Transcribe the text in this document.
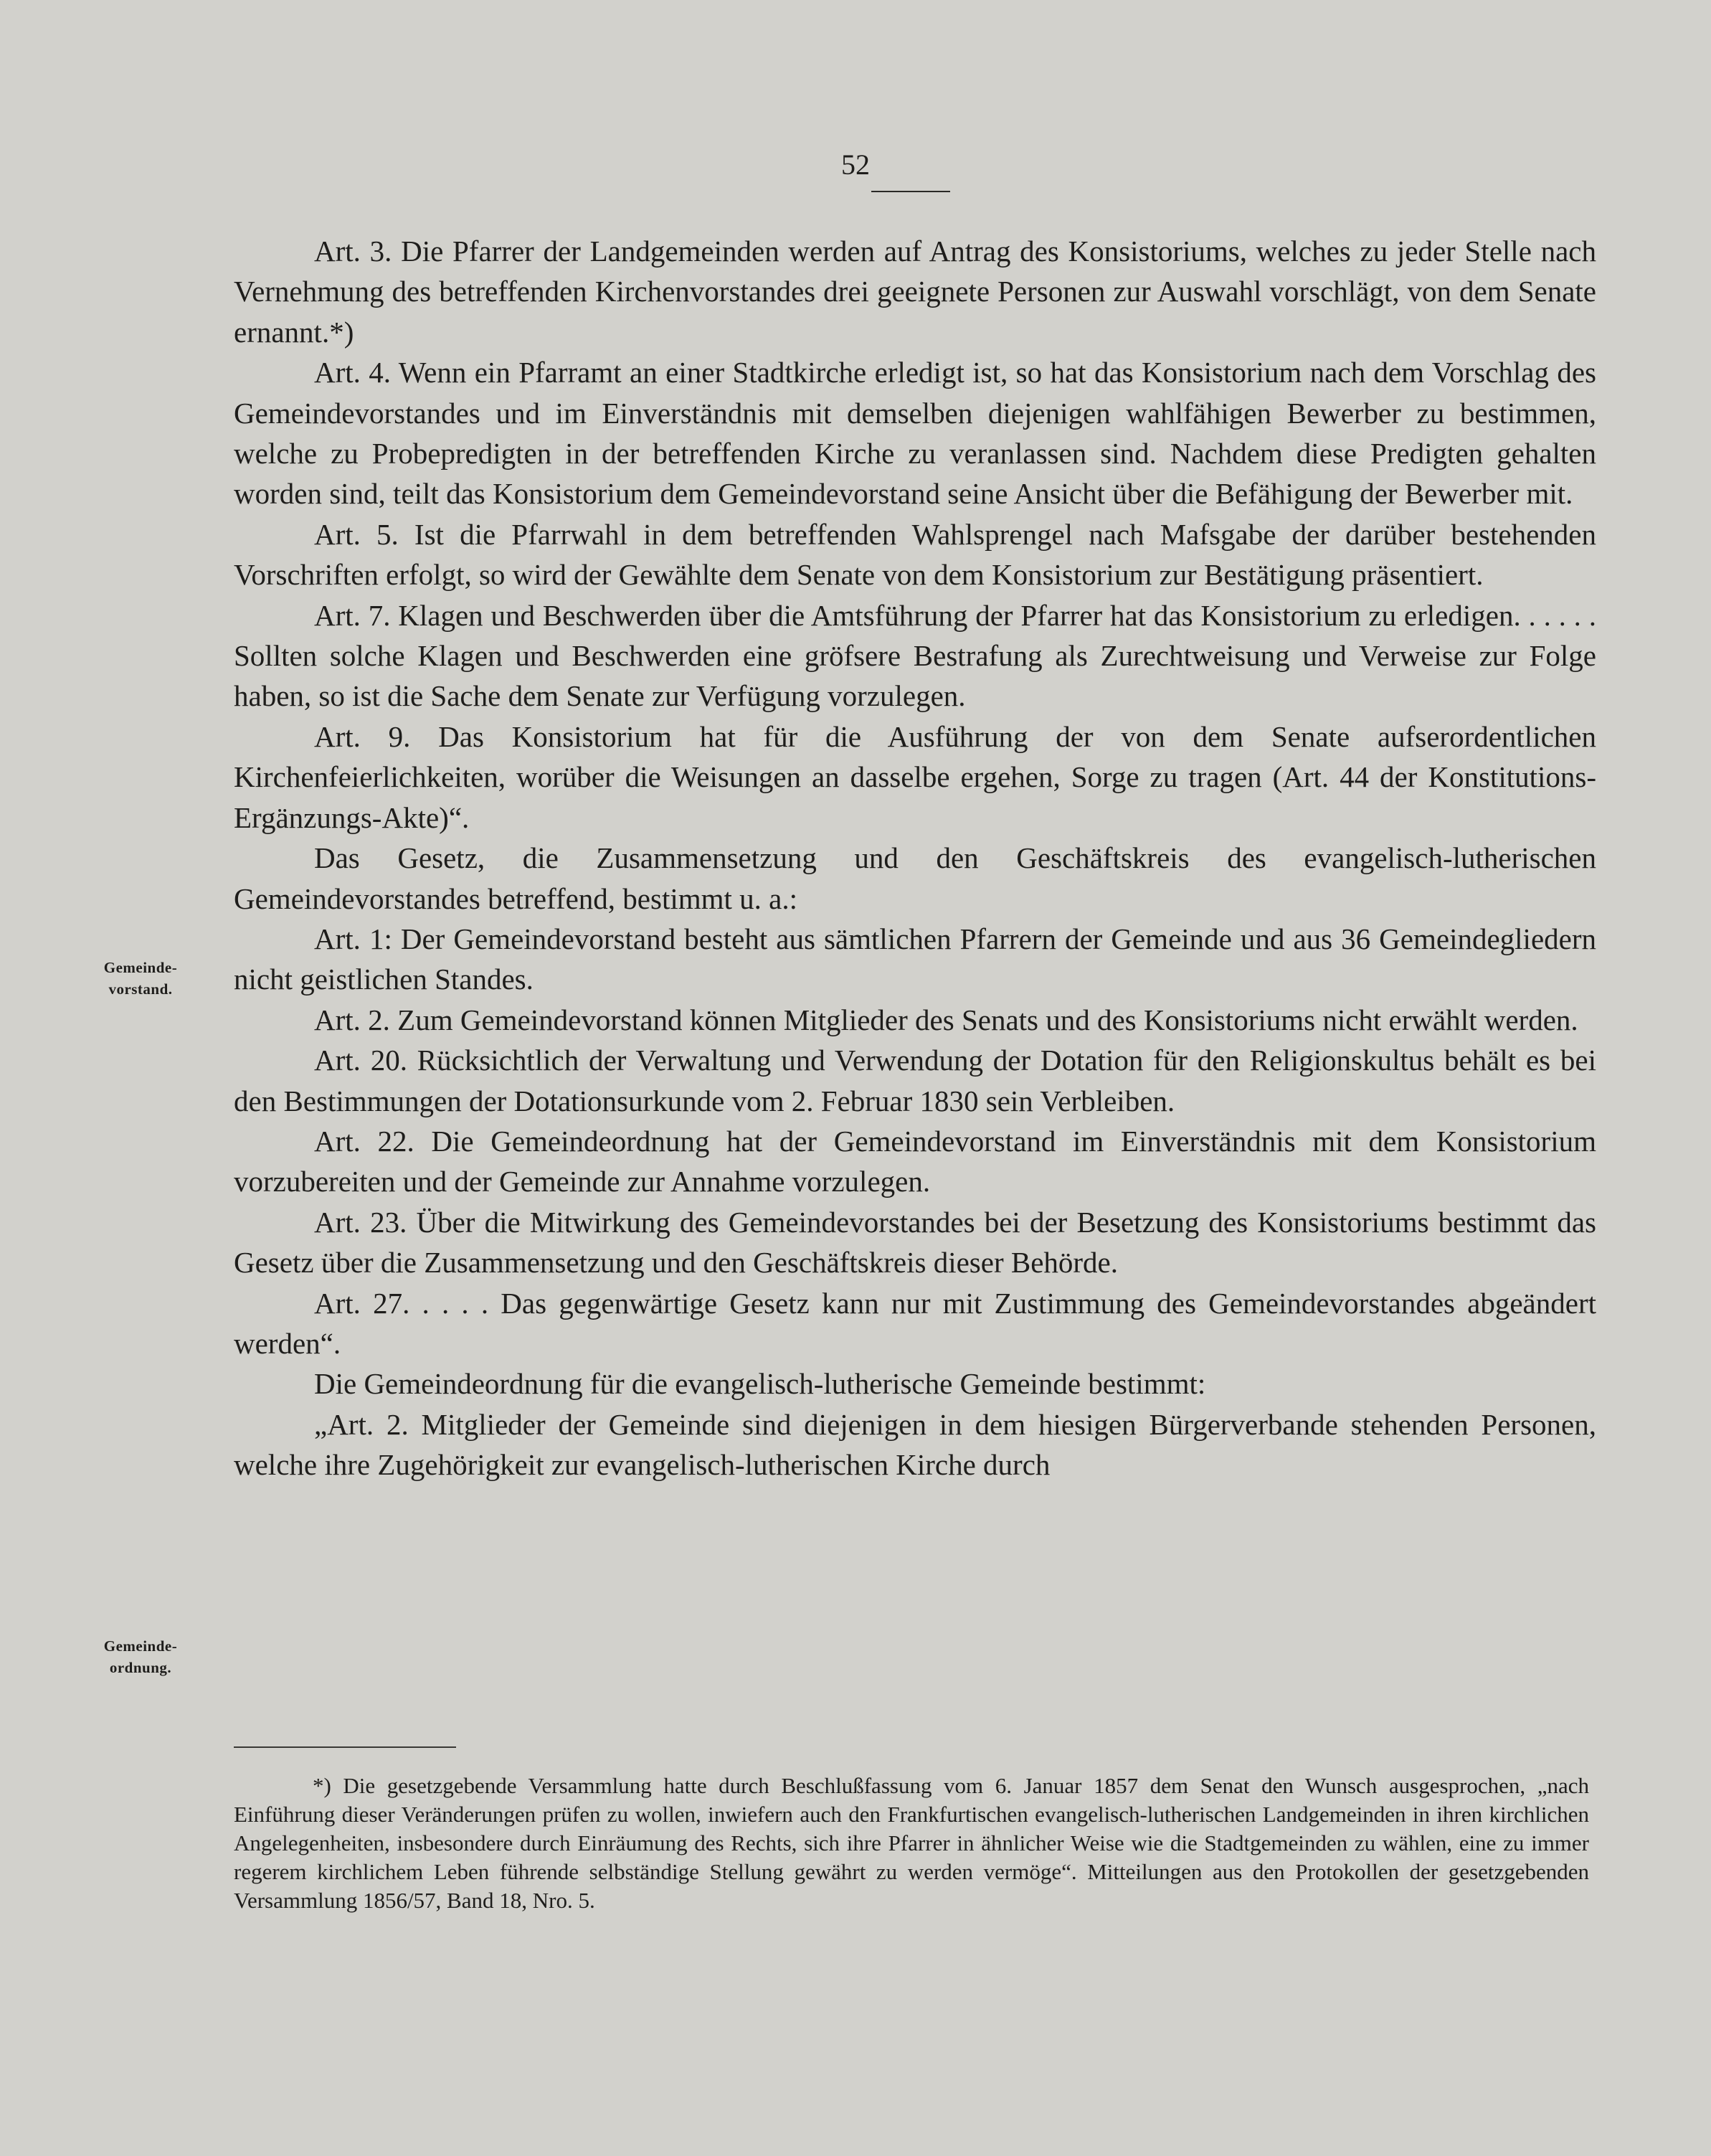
52
Gemeinde-
vorstand.
Gemeinde-
ordnung.

Art. 3. Die Pfarrer der Landgemeinden werden auf Antrag des Konsistoriums, welches zu jeder Stelle nach Vernehmung des betreffenden Kirchenvorstandes drei geeignete Personen zur Auswahl vorschlägt, von dem Senate ernannt.*)

Art. 4. Wenn ein Pfarramt an einer Stadtkirche erledigt ist, so hat das Konsistorium nach dem Vorschlag des Gemeindevorstandes und im Einverständnis mit demselben diejenigen wahlfähigen Bewerber zu bestimmen, welche zu Probepredigten in der betreffenden Kirche zu veranlassen sind. Nachdem diese Predigten gehalten worden sind, teilt das Konsistorium dem Gemeindevorstand seine Ansicht über die Befähigung der Bewerber mit.

Art. 5. Ist die Pfarrwahl in dem betreffenden Wahlsprengel nach Mafsgabe der darüber bestehenden Vorschriften erfolgt, so wird der Gewählte dem Senate von dem Konsistorium zur Bestätigung präsentiert.

Art. 7. Klagen und Beschwerden über die Amtsführung der Pfarrer hat das Konsistorium zu erledigen. . . . . . Sollten solche Klagen und Beschwerden eine gröfsere Bestrafung als Zurechtweisung und Verweise zur Folge haben, so ist die Sache dem Senate zur Verfügung vorzulegen.

Art. 9. Das Konsistorium hat für die Ausführung der von dem Senate aufserordentlichen Kirchenfeierlichkeiten, worüber die Weisungen an dasselbe ergehen, Sorge zu tragen (Art. 44 der Konstitutions-Ergänzungs-Akte)“.

Das Gesetz, die Zusammensetzung und den Geschäftskreis des evangelisch-lutherischen Gemeindevorstandes betreffend, bestimmt u. a.:

Art. 1: Der Gemeindevorstand besteht aus sämtlichen Pfarrern der Gemeinde und aus 36 Gemeindegliedern nicht geistlichen Standes.

Art. 2. Zum Gemeindevorstand können Mitglieder des Senats und des Konsistoriums nicht erwählt werden.

Art. 20. Rücksichtlich der Verwaltung und Verwendung der Dotation für den Religionskultus behält es bei den Bestimmungen der Dotationsurkunde vom 2. Februar 1830 sein Verbleiben.

Art. 22. Die Gemeindeordnung hat der Gemeindevorstand im Einverständnis mit dem Konsistorium vorzubereiten und der Gemeinde zur Annahme vorzulegen.

Art. 23. Über die Mitwirkung des Gemeindevorstandes bei der Besetzung des Konsistoriums bestimmt das Gesetz über die Zusammensetzung und den Geschäftskreis dieser Behörde.

Art. 27. . . . . Das gegenwärtige Gesetz kann nur mit Zustimmung des Gemeindevorstandes abgeändert werden“.

Die Gemeindeordnung für die evangelisch-lutherische Gemeinde bestimmt:

„Art. 2. Mitglieder der Gemeinde sind diejenigen in dem hiesigen Bürgerverbande stehenden Personen, welche ihre Zugehörigkeit zur evangelisch-lutherischen Kirche durch

*) Die gesetzgebende Versammlung hatte durch Beschlußfassung vom 6. Januar 1857 dem Senat den Wunsch ausgesprochen, „nach Einführung dieser Veränderungen prüfen zu wollen, inwiefern auch den Frankfurtischen evangelisch-lutherischen Landgemeinden in ihren kirchlichen Angelegenheiten, insbesondere durch Einräumung des Rechts, sich ihre Pfarrer in ähnlicher Weise wie die Stadtgemeinden zu wählen, eine zu immer regerem kirchlichem Leben führende selbständige Stellung gewährt zu werden vermöge“. Mitteilungen aus den Protokollen der gesetzgebenden Versammlung 1856/57, Band 18, Nro. 5.
